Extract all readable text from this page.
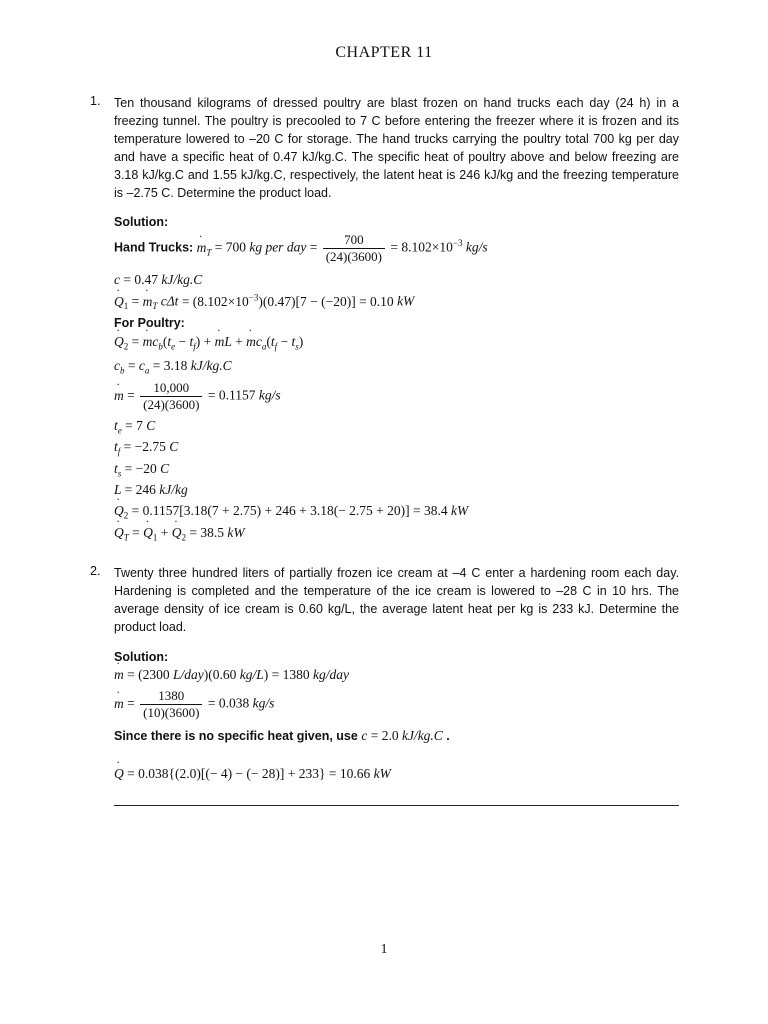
CHAPTER 11
1. Ten thousand kilograms of dressed poultry are blast frozen on hand trucks each day (24 h) in a
freezing tunnel. The poultry is precooled to 7 C before entering the freezer where it is frozen and its
temperature lowered to –20 C for storage. The hand trucks carrying the poultry total 700 kg per day
and have a specific heat of 0.47 kJ/kg.C. The specific heat of poultry above and below freezing are
3.18 kJ/kg.C and 1.55 kJ/kg.C, respectively, the latent heat is 246 kJ/kg and the freezing temperature
is –2.75 C. Determine the product load.
Solution:
Hand Trucks: ˙ $m_T = 700$ kg per day = $\frac{700}{(24)(3600)} = 8.102\times 10^{-3}$ kg/s
c = 0.47 kJ/kg.C
˙ $Q_1$ = ˙ $m_T$ $c\Delta t = (8.102\times 10^{-3})(0.47)[7 - (-20)] = 0.10$ kW
For Poultry:
˙ $Q_2$ = ˙ $mc_b(t_e - t_f)$ + ˙ mL + ˙ $mc_a(t_f - t_s)$
$c_b = c_a = 3.18$ kJ/kg.C
˙ $m = \frac{10,000}{(24)(3600)} = 0.1157$ kg/s
$t_e = 7$ C
$t_f = -2.75$ C
$t_s = -20$ C
L = 246 kJ/kg
˙ $Q_2 = 0.1157[3.18(7 + 2.75) + 246 + 3.18(- 2.75 + 20)] = 38.4$ kW
˙ $Q_T$ = ˙ $Q_1$ + ˙ $Q_2 = 38.5$ kW
2. Twenty three hundred liters of partially frozen ice cream at –4 C enter a hardening room each day.
Hardening is completed and the temperature of the ice cream is lowered to –28 C in 10 hrs. The
average density of ice cream is 0.60 kg/L, the average latent heat per kg is 233 kJ. Determine the
product load.
Solution:
˙ m = (2300 L/day)(0.60 kg/L) = 1380 kg/day
˙ $m = \frac{1380}{(10)(3600)} = 0.038$ kg/s
Since there is no specific heat given, use c = 2.0 kJ/kg.C .
˙ Q = 0.038{(2.0)[(− 4) − (− 28)] + 233} = 10.66 kW
1
